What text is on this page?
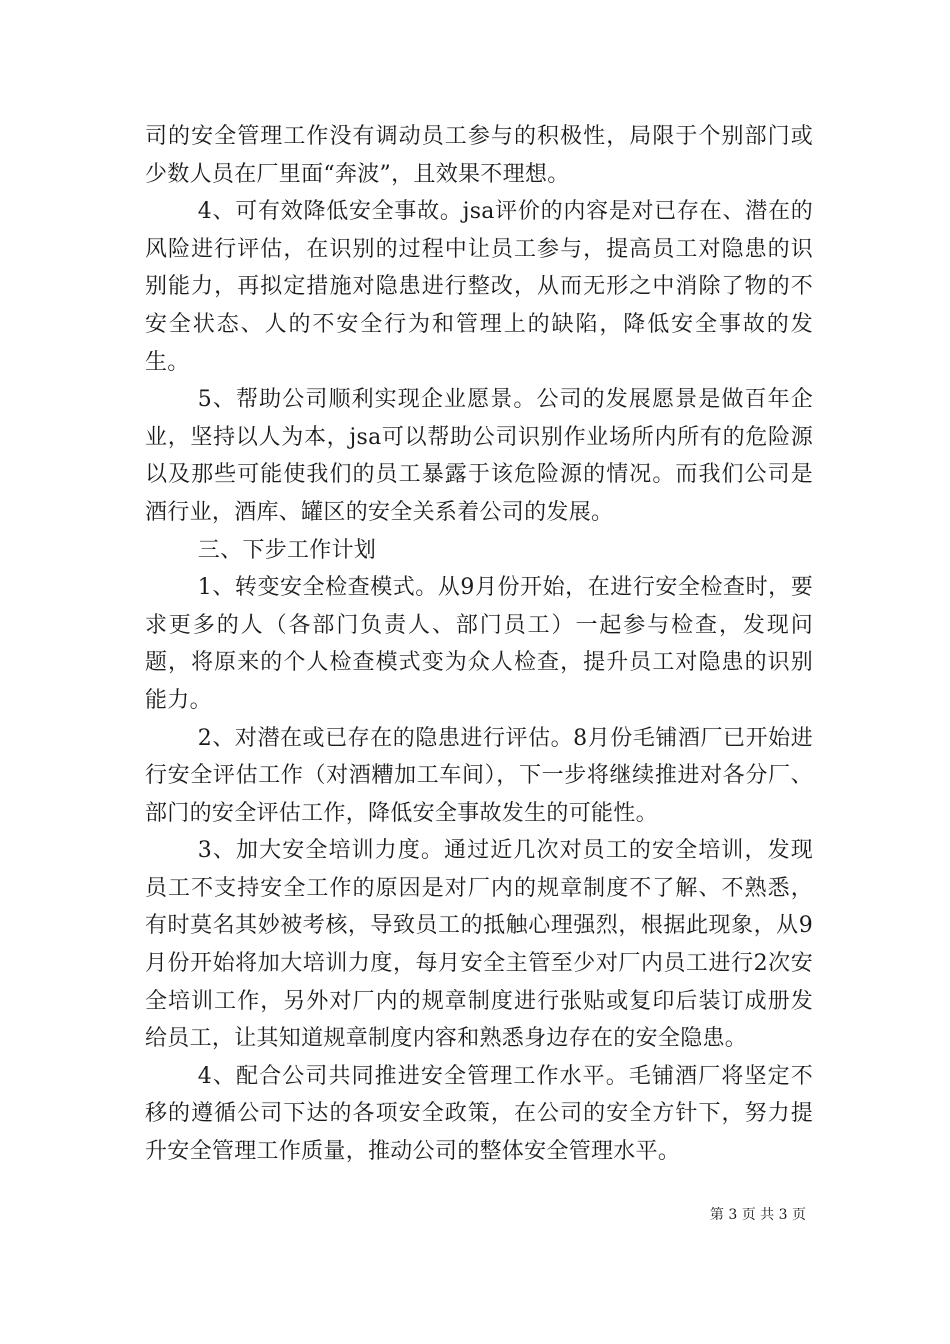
司的安全管理工作没有调动员工参与的积极性，局限于个别部门或少数人员在厂里面“奔波”，且效果不理想。

4、可有效降低安全事故。jsa评价的内容是对已存在、潜在的风险进行评估，在识别的过程中让员工参与，提高员工对隐患的识别能力，再拟定措施对隐患进行整改，从而无形之中消除了物的不安全状态、人的不安全行为和管理上的缺陷，降低安全事故的发生。

5、帮助公司顺利实现企业愿景。公司的发展愿景是做百年企业，坚持以人为本，jsa可以帮助公司识别作业场所内所有的危险源以及那些可能使我们的员工暴露于该危险源的情况。而我们公司是酒行业，酒库、罐区的安全关系着公司的发展。

三、下步工作计划

1、转变安全检查模式。从9月份开始，在进行安全检查时，要求更多的人（各部门负责人、部门员工）一起参与检查，发现问题，将原来的个人检查模式变为众人检查，提升员工对隐患的识别能力。

2、对潜在或已存在的隐患进行评估。8月份毛铺酒厂已开始进行安全评估工作（对酒糟加工车间），下一步将继续推进对各分厂、部门的安全评估工作，降低安全事故发生的可能性。

3、加大安全培训力度。通过近几次对员工的安全培训，发现员工不支持安全工作的原因是对厂内的规章制度不了解、不熟悉，有时莫名其妙被考核，导致员工的抵触心理强烈，根据此现象，从9月份开始将加大培训力度，每月安全主管至少对厂内员工进行2次安全培训工作，另外对厂内的规章制度进行张贴或复印后装订成册发给员工，让其知道规章制度内容和熟悉身边存在的安全隐患。

4、配合公司共同推进安全管理工作水平。毛铺酒厂将坚定不移的遵循公司下达的各项安全政策，在公司的安全方针下，努力提升安全管理工作质量，推动公司的整体安全管理水平。

第 3 页 共 3 页
